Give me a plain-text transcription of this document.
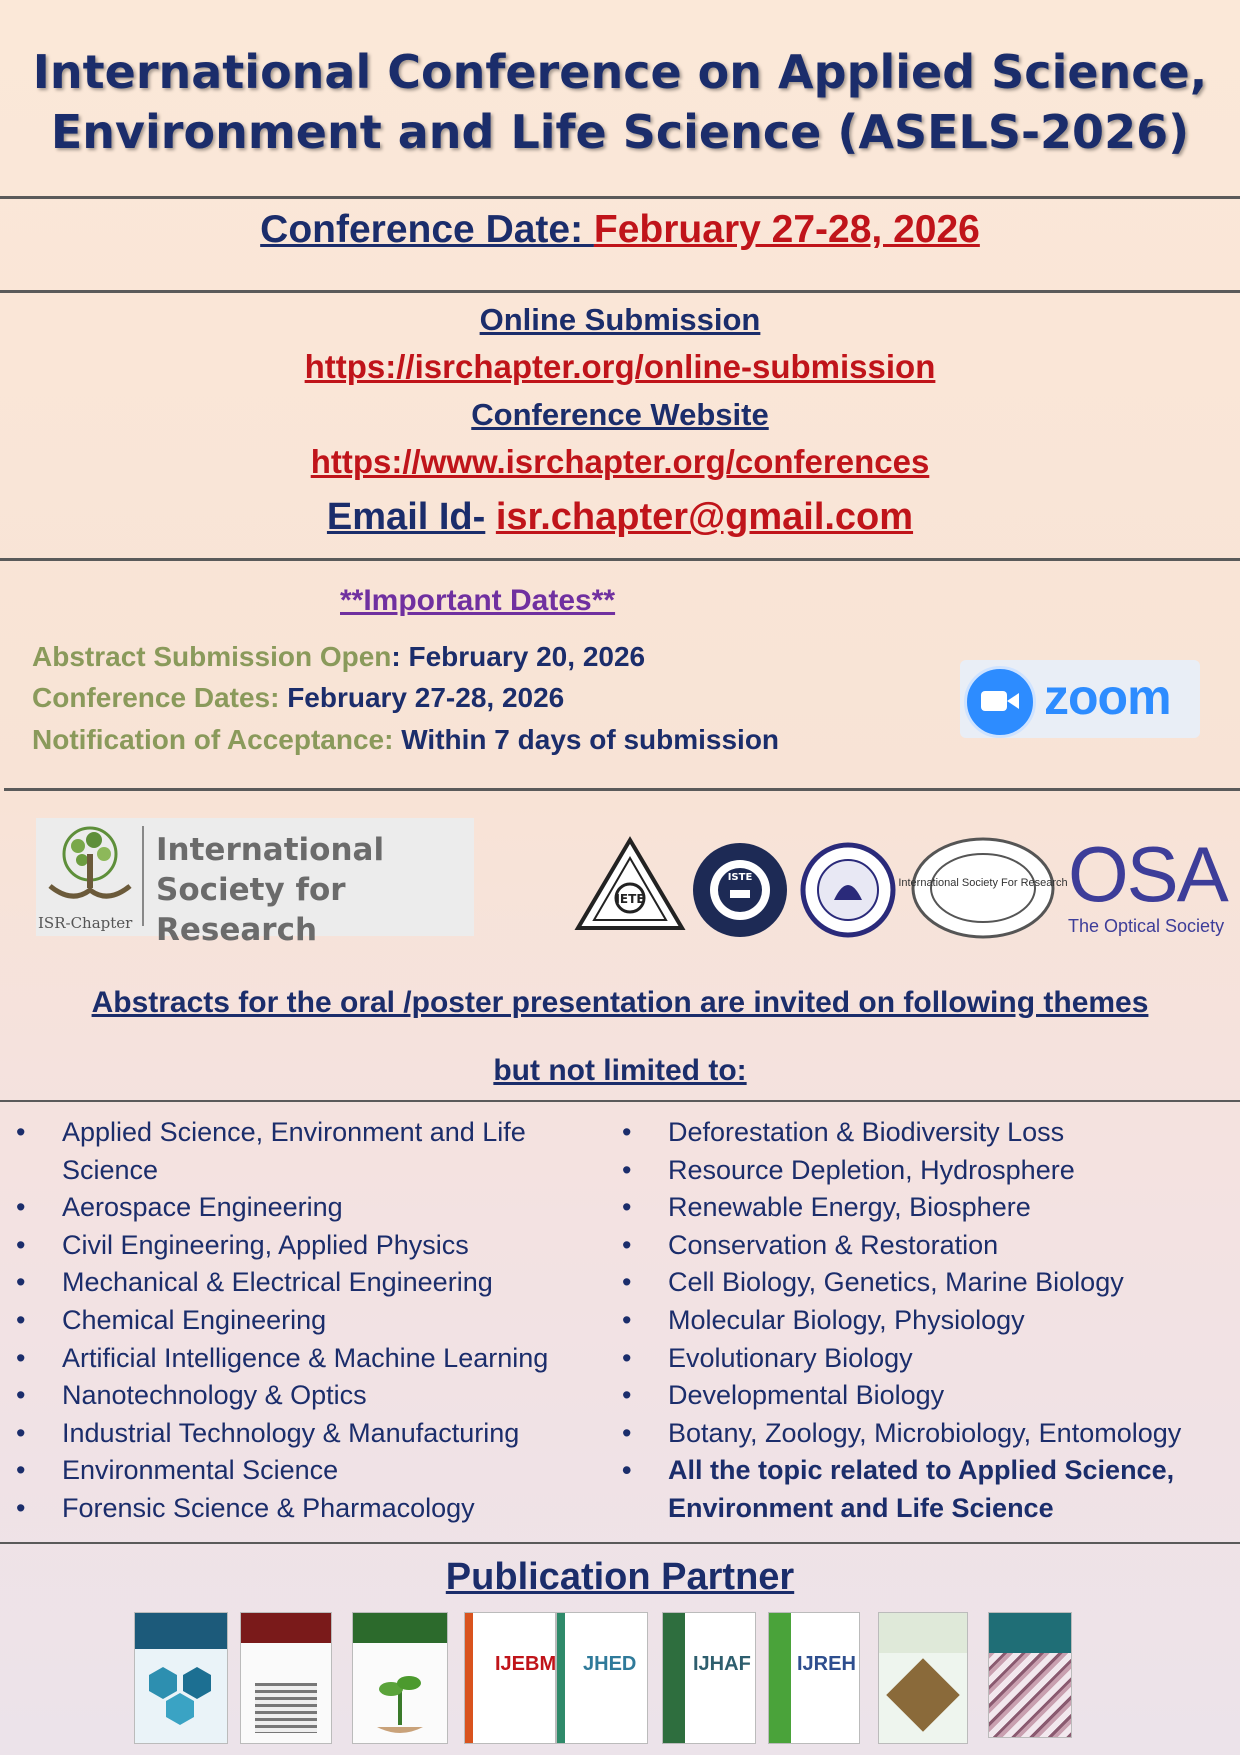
International Conference on Applied Science,
Environment and Life Science (ASELS-2026)
Conference Date: February 27-28, 2026
Online Submission
https://isrchapter.org/online-submission
Conference Website
https://www.isrchapter.org/conferences
Email Id- isr.chapter@gmail.com
**Important Dates**
Abstract Submission Open: February 20, 2026
Conference Dates: February 27-28, 2026
Notification of Acceptance: Within 7 days of submission
zoom
ISR-Chapter
International
Society for Research
IETE
ISTE	International Society For Research OSA
The Optical Society
Abstracts for the oral /poster presentation are invited on following themes
but not limited to:
• Applied Science, Environment and Life Science
• Aerospace Engineering
• Civil Engineering, Applied Physics
• Mechanical & Electrical Engineering
• Chemical Engineering
• Artificial Intelligence & Machine Learning
• Nanotechnology & Optics
• Industrial Technology & Manufacturing
• Environmental Science
• Forensic Science & Pharmacology
• Deforestation & Biodiversity Loss
• Resource Depletion, Hydrosphere
• Renewable Energy, Biosphere
• Conservation & Restoration
• Cell Biology, Genetics, Marine Biology
• Molecular Biology, Physiology
• Evolutionary Biology
• Developmental Biology
• Botany, Zoology, Microbiology, Entomology
• All the topic related to Applied Science, Environment and Life Science
Publication Partner
IJEBM JHED	IJHAF IJREH
